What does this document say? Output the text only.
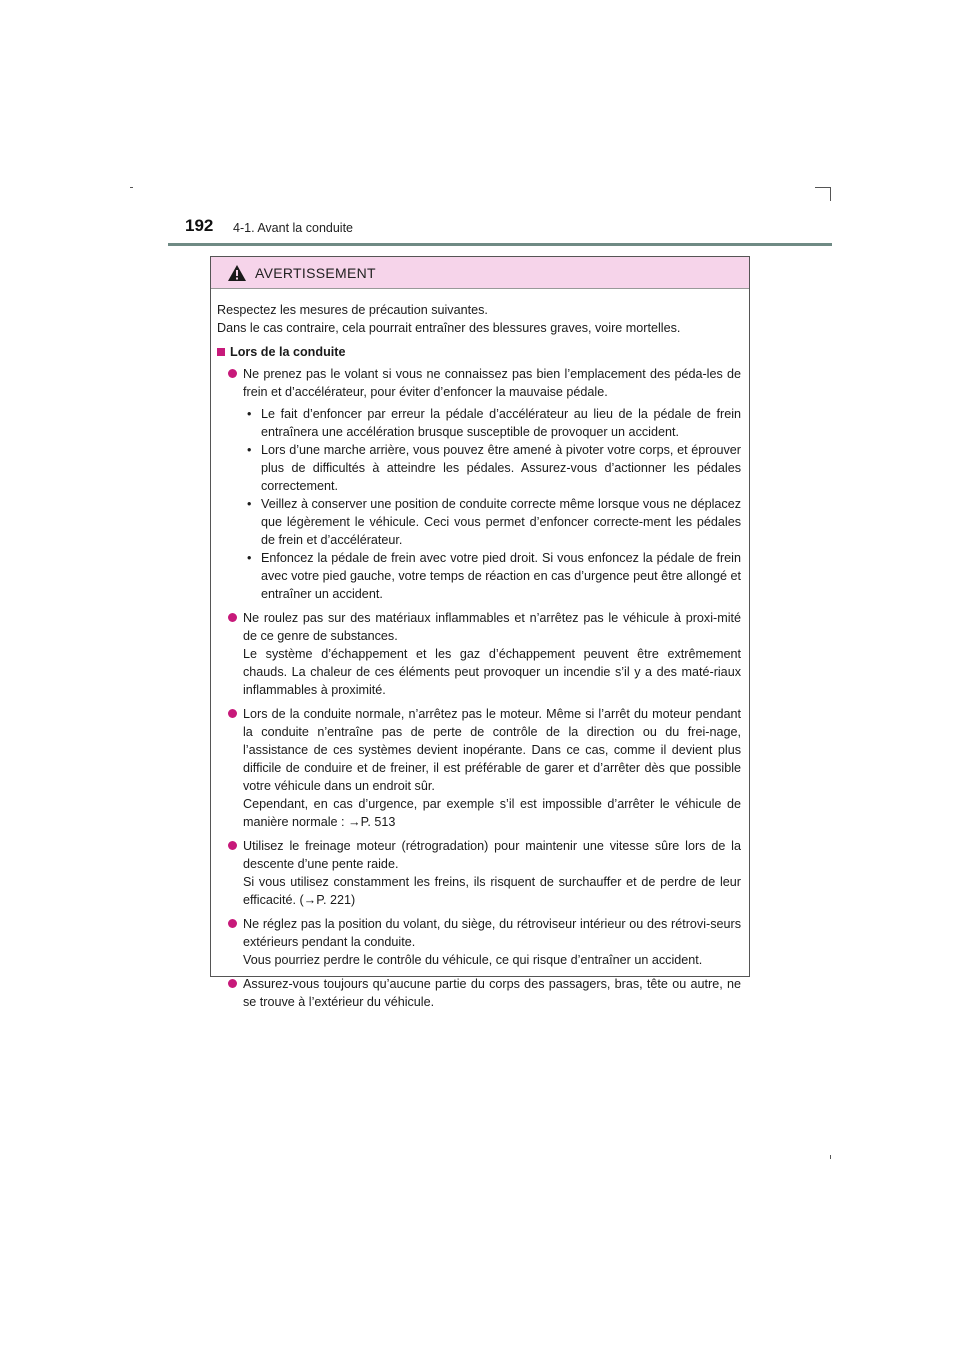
192 4-1. Avant la conduite
AVERTISSEMENT

Respectez les mesures de précaution suivantes.

Dans le cas contraire, cela pourrait entraîner des blessures graves, voire mortelles.

Lors de la conduite

Ne prenez pas le volant si vous ne connaissez pas bien l’emplacement des péda-les de frein et d’accélérateur, pour éviter d’enfoncer la mauvaise pédale.

• Le fait d’enfoncer par erreur la pédale d’accélérateur au lieu de la pédale de frein entraînera une accélération brusque susceptible de provoquer un accident.
• Lors d’une marche arrière, vous pouvez être amené à pivoter votre corps, et éprouver plus de difficultés à atteindre les pédales. Assurez-vous d’actionner les pédales correctement.
• Veillez à conserver une position de conduite correcte même lorsque vous ne déplacez que légèrement le véhicule. Ceci vous permet d’enfoncer correcte-ment les pédales de frein et d’accélérateur.
• Enfoncez la pédale de frein avec votre pied droit. Si vous enfoncez la pédale de frein avec votre pied gauche, votre temps de réaction en cas d’urgence peut être allongé et entraîner un accident.

Ne roulez pas sur des matériaux inflammables et n’arrêtez pas le véhicule à proxi-mité de ce genre de substances.

Le système d’échappement et les gaz d’échappement peuvent être extrêmement chauds. La chaleur de ces éléments peut provoquer un incendie s’il y a des maté-riaux inflammables à proximité.

Lors de la conduite normale, n’arrêtez pas le moteur. Même si l’arrêt du moteur pendant la conduite n’entraîne pas de perte de contrôle de la direction ou du frei-nage, l’assistance de ces systèmes devient inopérante. Dans ce cas, comme il devient plus difficile de conduire et de freiner, il est préférable de garer et d’arrêter dès que possible votre véhicule dans un endroit sûr.

Cependant, en cas d’urgence, par exemple s’il est impossible d’arrêter le véhicule de manière normale : →P. 513

Utilisez le freinage moteur (rétrogradation) pour maintenir une vitesse sûre lors de la descente d’une pente raide.

Si vous utilisez constamment les freins, ils risquent de surchauffer et de perdre de leur efficacité. (→P. 221)

Ne réglez pas la position du volant, du siège, du rétroviseur intérieur ou des rétrovi-seurs extérieurs pendant la conduite.

Vous pourriez perdre le contrôle du véhicule, ce qui risque d’entraîner un accident.

Assurez-vous toujours qu’aucune partie du corps des passagers, bras, tête ou autre, ne se trouve à l’extérieur du véhicule.
